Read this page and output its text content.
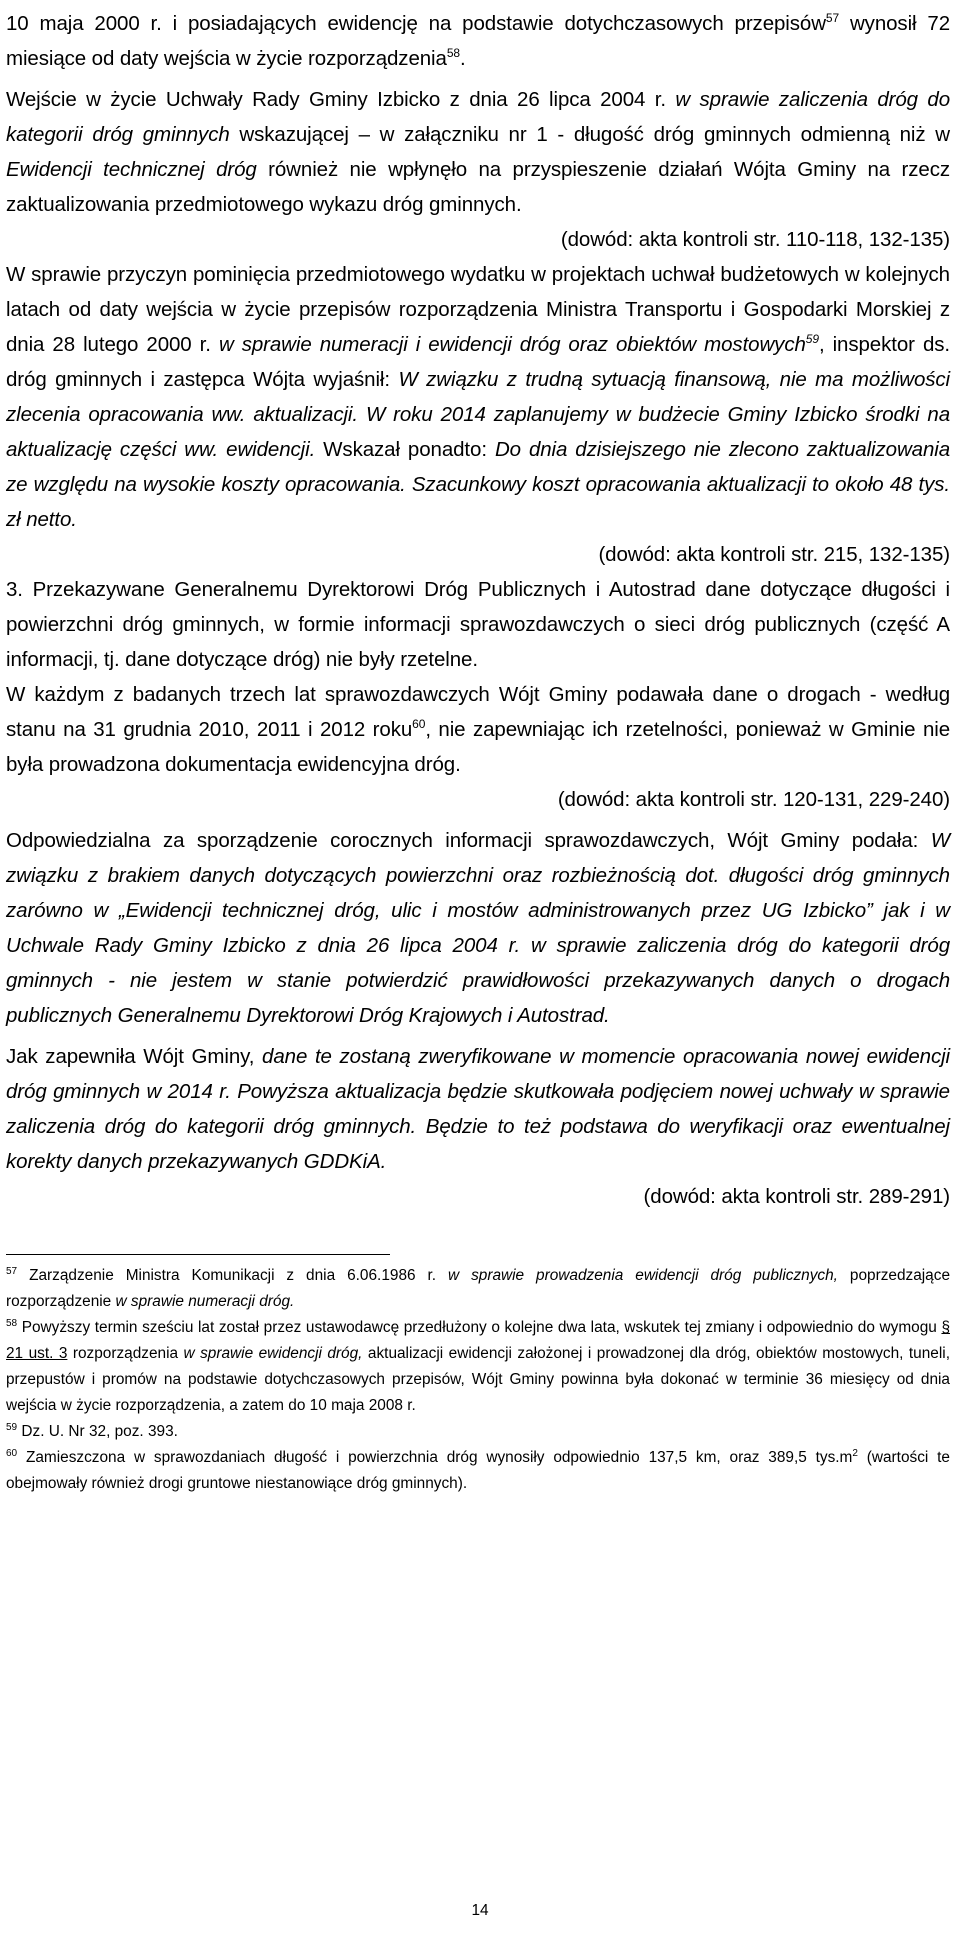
10 maja 2000 r. i posiadających ewidencję na podstawie dotychczasowych przepisów$^{57}$ wynosił 72 miesiące od daty wejścia w życie rozporządzenia$^{58}$.

Wejście w życie Uchwały Rady Gminy Izbicko z dnia 26 lipca 2004 r. w sprawie zaliczenia dróg do kategorii dróg gminnych wskazującej – w załączniku nr 1 - długość dróg gminnych odmienną niż w Ewidencji technicznej dróg również nie wpłynęło na przyspieszenie działań Wójta Gminy na rzecz zaktualizowania przedmiotowego wykazu dróg gminnych.

(dowód: akta kontroli str. 110-118, 132-135)

W sprawie przyczyn pominięcia przedmiotowego wydatku w projektach uchwał budżetowych w kolejnych latach od daty wejścia w życie przepisów rozporządzenia Ministra Transportu i Gospodarki Morskiej z dnia 28 lutego 2000 r. w sprawie numeracji i ewidencji dróg oraz obiektów mostowych$^{59}$, inspektor ds. dróg gminnych i zastępca Wójta wyjaśnił: W związku z trudną sytuacją finansową, nie ma możliwości zlecenia opracowania ww. aktualizacji. W roku 2014 zaplanujemy w budżecie Gminy Izbicko środki na aktualizację części ww. ewidencji. Wskazał ponadto: Do dnia dzisiejszego nie zlecono zaktualizowania ze względu na wysokie koszty opracowania. Szacunkowy koszt opracowania aktualizacji to około 48 tys. zł netto.

(dowód: akta kontroli str. 215, 132-135)

3. Przekazywane Generalnemu Dyrektorowi Dróg Publicznych i Autostrad dane dotyczące długości i powierzchni dróg gminnych, w formie informacji sprawozdawczych o sieci dróg publicznych (część A informacji, tj. dane dotyczące dróg) nie były rzetelne.

W każdym z badanych trzech lat sprawozdawczych Wójt Gminy podawała dane o drogach - według stanu na 31 grudnia 2010, 2011 i 2012 roku$^{60}$, nie zapewniając ich rzetelności, ponieważ w Gminie nie była prowadzona dokumentacja ewidencyjna dróg.

(dowód: akta kontroli str. 120-131, 229-240)

Odpowiedzialna za sporządzenie corocznych informacji sprawozdawczych, Wójt Gminy podała: W związku z brakiem danych dotyczących powierzchni oraz rozbieżnością dot. długości dróg gminnych zarówno w „Ewidencji technicznej dróg, ulic i mostów administrowanych przez UG Izbicko” jak i w Uchwale Rady Gminy Izbicko z dnia 26 lipca 2004 r. w sprawie zaliczenia dróg do kategorii dróg gminnych - nie jestem w stanie potwierdzić prawidłowości przekazywanych danych o drogach publicznych Generalnemu Dyrektorowi Dróg Krajowych i Autostrad.

Jak zapewniła Wójt Gminy, dane te zostaną zweryfikowane w momencie opracowania nowej ewidencji dróg gminnych w 2014 r. Powyższa aktualizacja będzie skutkowała podjęciem nowej uchwały w sprawie zaliczenia dróg do kategorii dróg gminnych. Będzie to też podstawa do weryfikacji oraz ewentualnej korekty danych przekazywanych GDDKiA.

(dowód: akta kontroli str. 289-291)

$^{57}$ Zarządzenie Ministra Komunikacji z dnia 6.06.1986 r. w sprawie prowadzenia ewidencji dróg publicznych, poprzedzające rozporządzenie w sprawie numeracji dróg.

$^{58}$ Powyższy termin sześciu lat został przez ustawodawcę przedłużony o kolejne dwa lata, wskutek tej zmiany i odpowiednio do wymogu § 21 ust. 3 rozporządzenia w sprawie ewidencji dróg, aktualizacji ewidencji założonej i prowadzonej dla dróg, obiektów mostowych, tuneli, przepustów i promów na podstawie dotychczasowych przepisów, Wójt Gminy powinna była dokonać w terminie 36 miesięcy od dnia wejścia w życie rozporządzenia, a zatem do 10 maja 2008 r.

$^{59}$ Dz. U. Nr 32, poz. 393.

$^{60}$ Zamieszczona w sprawozdaniach długość i powierzchnia dróg wynosiły odpowiednio 137,5 km, oraz 389,5 $tys.m^2$ (wartości te obejmowały również drogi gruntowe niestanowiące dróg gminnych).

14
